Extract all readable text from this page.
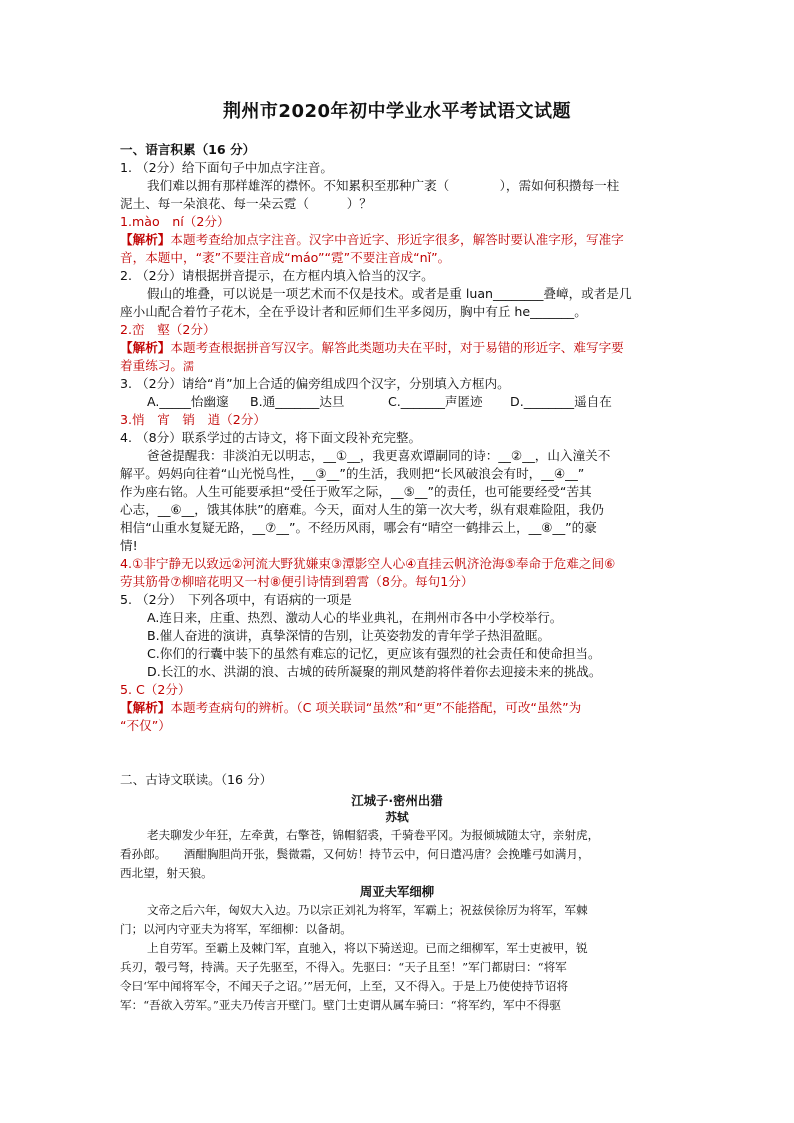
荆州市2020年初中学业水平考试语文试题
一、语言积累（16 分）
1. （2分）给下面句子中加点字注音。
我们难以拥有那样雄浑的襟怀。不知累积至那种广袤（　　　　），需如何积攒每一柱
泥土、每一朵浪花、每一朵云霓（　　　）？
1.mào　ní（2分）
【解析】本题考查给加点字注音。汉字中音近字、形近字很多，解答时要认准字形，写准字
音，本题中，“袤”不要注音成“máo”“霓”不要注音成“nǐ”。
2. （2分）请根据拼音提示，在方框内填入恰当的汉字。
假山的堆叠，可以说是一项艺术而不仅是技术。或者是重 luan________叠嶂，或者是几
座小山配合着竹子花木，全在乎设计者和匠师们生平多阅历，胸中有丘 he_______。
2.峦　壑（2分）
【解析】本题考查根据拼音写汉字。解答此类题功夫在平时，对于易错的形近字、难写字要
着重练习。濡
3. （2分）请给“肖”加上合适的偏旁组成四个汉字，分别填入方框内。
A._____怡幽邃 B.通_______达旦	C._______声匿迹 D.________遥自在
3.悄　宵　销　逍（2分）
4. （8分）联系学过的古诗文，将下面文段补充完整。
爸爸提醒我：非淡泊无以明志，__①__，我更喜欢谭嗣同的诗：__②__，山入潼关不
解平。妈妈向往着“山光悦鸟性，__③__”的生活，我则把“长风破浪会有时，__④__”
作为座右铭。人生可能要承担“受任于败军之际，__⑤__”的责任，也可能要经受“苦其
心志，__⑥__，饿其体肤”的磨难。今天，面对人生的第一次大考，纵有艰难险阻，我仍
相信“山重水复疑无路，__⑦__”。不经历风雨，哪会有“晴空一鹤排云上，__⑧__”的豪
情!
4.①非宁静无以致远②河流大野犹嫌束③潭影空人心④直挂云帆济沧海⑤奉命于危难之间⑥
劳其筋骨⑦柳暗花明又一村⑧便引诗情到碧霄（8分。每句1分）
5. （2分）　下列各项中，有语病的一项是
A.连日来，庄重、热烈、激动人心的毕业典礼，在荆州市各中小学校举行。
B.催人奋进的演讲，真挚深情的告别，让英姿勃发的青年学子热泪盈眶。
C.你们的行囊中装下的虽然有难忘的记忆，更应该有强烈的社会责任和使命担当。
D.长江的水、洪湖的浪、古城的砖所凝聚的荆风楚韵将伴着你去迎接未来的挑战。
5. C（2分）
【解析】本题考查病句的辨析。（C 项关联词“虽然”和“更”不能搭配，可改“虽然”为
“不仅”）
二、古诗文联读。（16 分）
江城子·密州出猎
苏轼
老夫聊发少年狂，左牵黄，右擎苍，锦帽貂裘，千骑卷平冈。为报倾城随太守，亲射虎，
看孙郎。　　酒酣胸胆尚开张，鬓微霜，又何妨！持节云中，何日遣冯唐？会挽雕弓如满月，
西北望，射天狼。
周亚夫军细柳
文帝之后六年，匈奴大入边。乃以宗正刘礼为将军，军霸上；祝兹侯徐厉为将军，军棘
门；以河内守亚夫为将军，军细柳：以备胡。
上自劳军。至霸上及棘门军，直驰入，将以下骑送迎。已而之细柳军，军士吏被甲，锐
兵刃，彀弓弩，持满。天子先驱至，不得入。先驱曰：“天子且至！”军门都尉曰：“将军
令曰‘军中闻将军令，不闻天子之诏。’”居无何，上至，又不得入。于是上乃使使持节诏将
军：“吾欲入劳军。”亚夫乃传言开壁门。壁门士吏谓从属车骑曰：“将军约，军中不得驱
